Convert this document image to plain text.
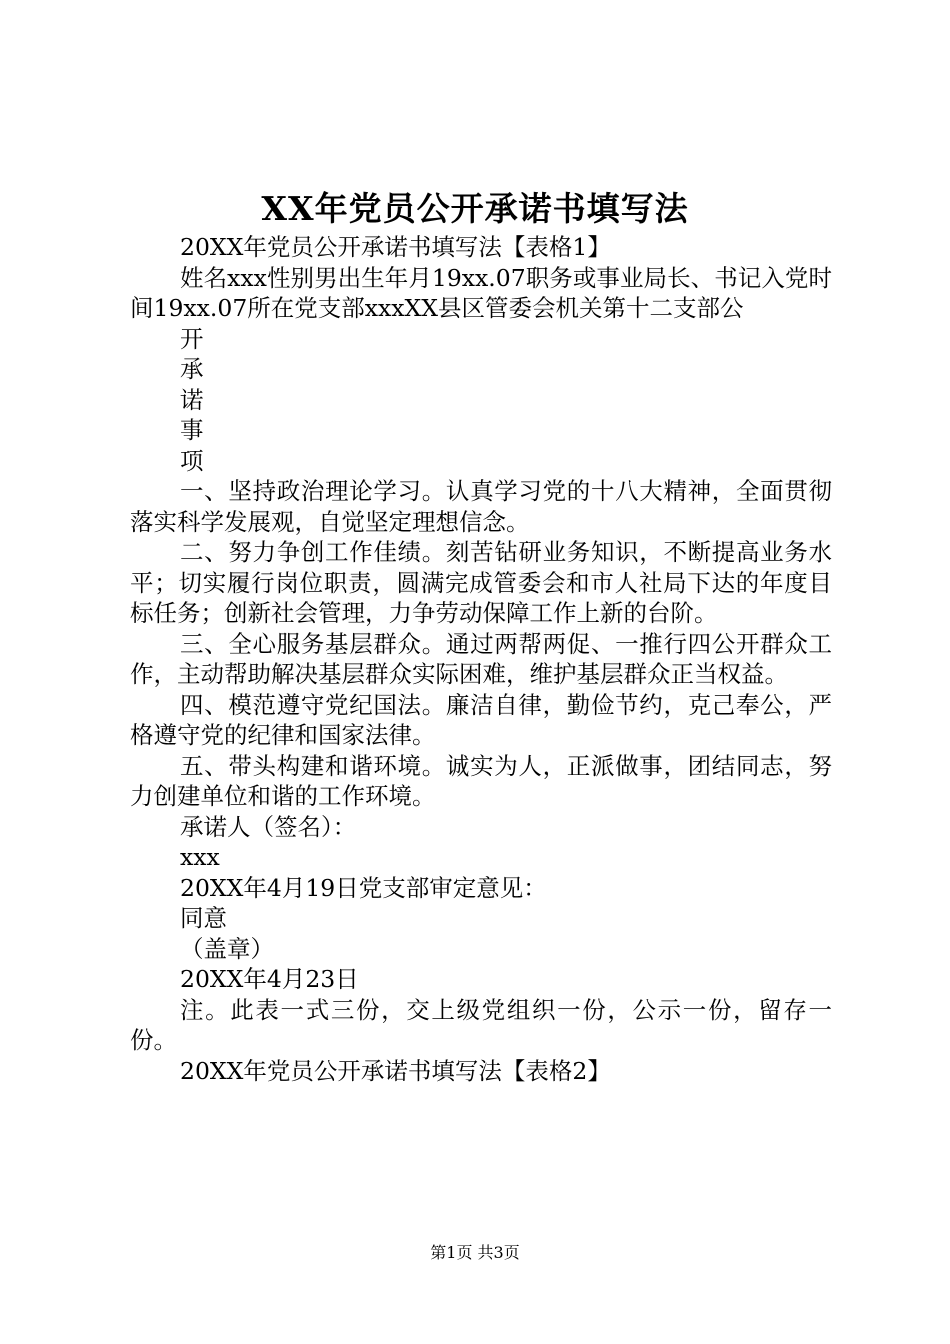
XX年党员公开承诺书填写法

20XX年党员公开承诺书填写法【表格1】

姓名xxx性别男出生年月19xx.07职务或事业局长、书记入党时间19xx.07所在党支部xxxXX县区管委会机关第十二支部公

开

承

诺

事

项

一、坚持政治理论学习。认真学习党的十八大精神，全面贯彻落实科学发展观，自觉坚定理想信念。

二、努力争创工作佳绩。刻苦钻研业务知识，不断提高业务水平；切实履行岗位职责，圆满完成管委会和市人社局下达的年度目标任务；创新社会管理，力争劳动保障工作上新的台阶。

三、全心服务基层群众。通过两帮两促、一推行四公开群众工作，主动帮助解决基层群众实际困难，维护基层群众正当权益。

四、模范遵守党纪国法。廉洁自律，勤俭节约，克己奉公，严格遵守党的纪律和国家法律。

五、带头构建和谐环境。诚实为人，正派做事，团结同志，努力创建单位和谐的工作环境。

承诺人（签名）：

xxx

20XX年4月19日党支部审定意见：

同意

（盖章）

20XX年4月23日

注。此表一式三份，交上级党组织一份，公示一份，留存一份。

20XX年党员公开承诺书填写法【表格2】

第1页 共3页
